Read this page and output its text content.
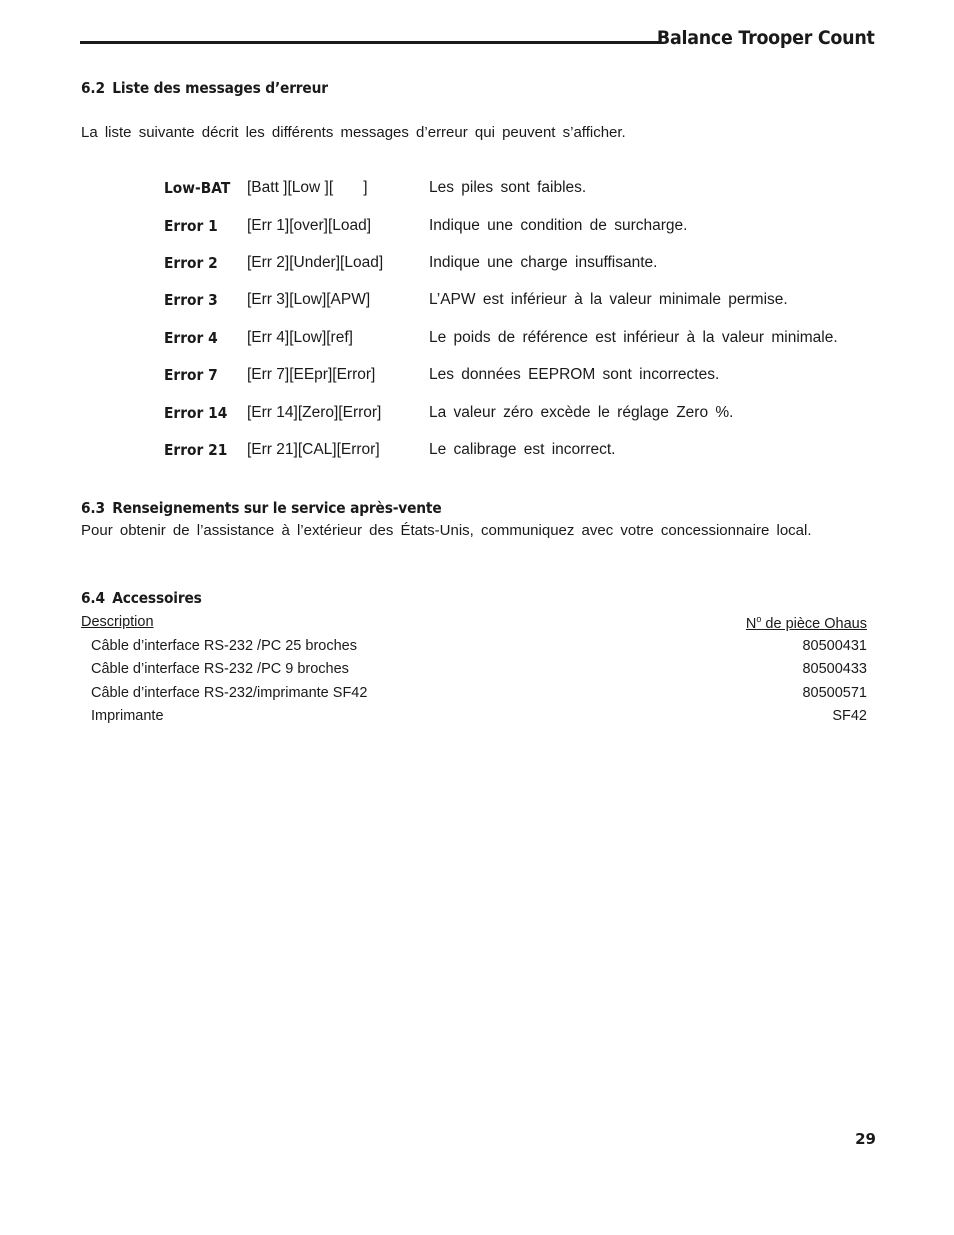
Balance Trooper Count
6.2 Liste des messages d’erreur
La liste suivante décrit les différents messages d’erreur qui peuvent s’afficher.
Low-BAT [Batt ][Low ][       ]	Les piles sont faibles.
Error 1 [Err 1][over][Load]	Indique une condition de surcharge.
Error 2 [Err 2][Under][Load]	Indique une charge insuffisante.
Error 3 [Err 3][Low][APW]	L’APW est inférieur à la valeur minimale permise.
Error 4 [Err 4][Low][ref]	Le poids de référence est inférieur à la valeur minimale.
Error 7 [Err 7][EEpr][Error]	Les données EEPROM sont incorrectes.
Error 14 [Err 14][Zero][Error]	La valeur zéro excède le réglage Zero %.
Error 21 [Err 21][CAL][Error]	Le calibrage est incorrect.
6.3 Renseignements sur le service après-vente
Pour obtenir de l’assistance à l’extérieur des États-Unis, communiquez avec votre concessionnaire local.
6.4 Accessoires
Description	$N^o$ de pièce Ohaus
Câble d’interface RS-232 /PC 25 broches	80500431
Câble d’interface RS-232 /PC 9 broches	80500433
Câble d’interface RS-232/imprimante SF42	80500571
Imprimante	SF42
29
